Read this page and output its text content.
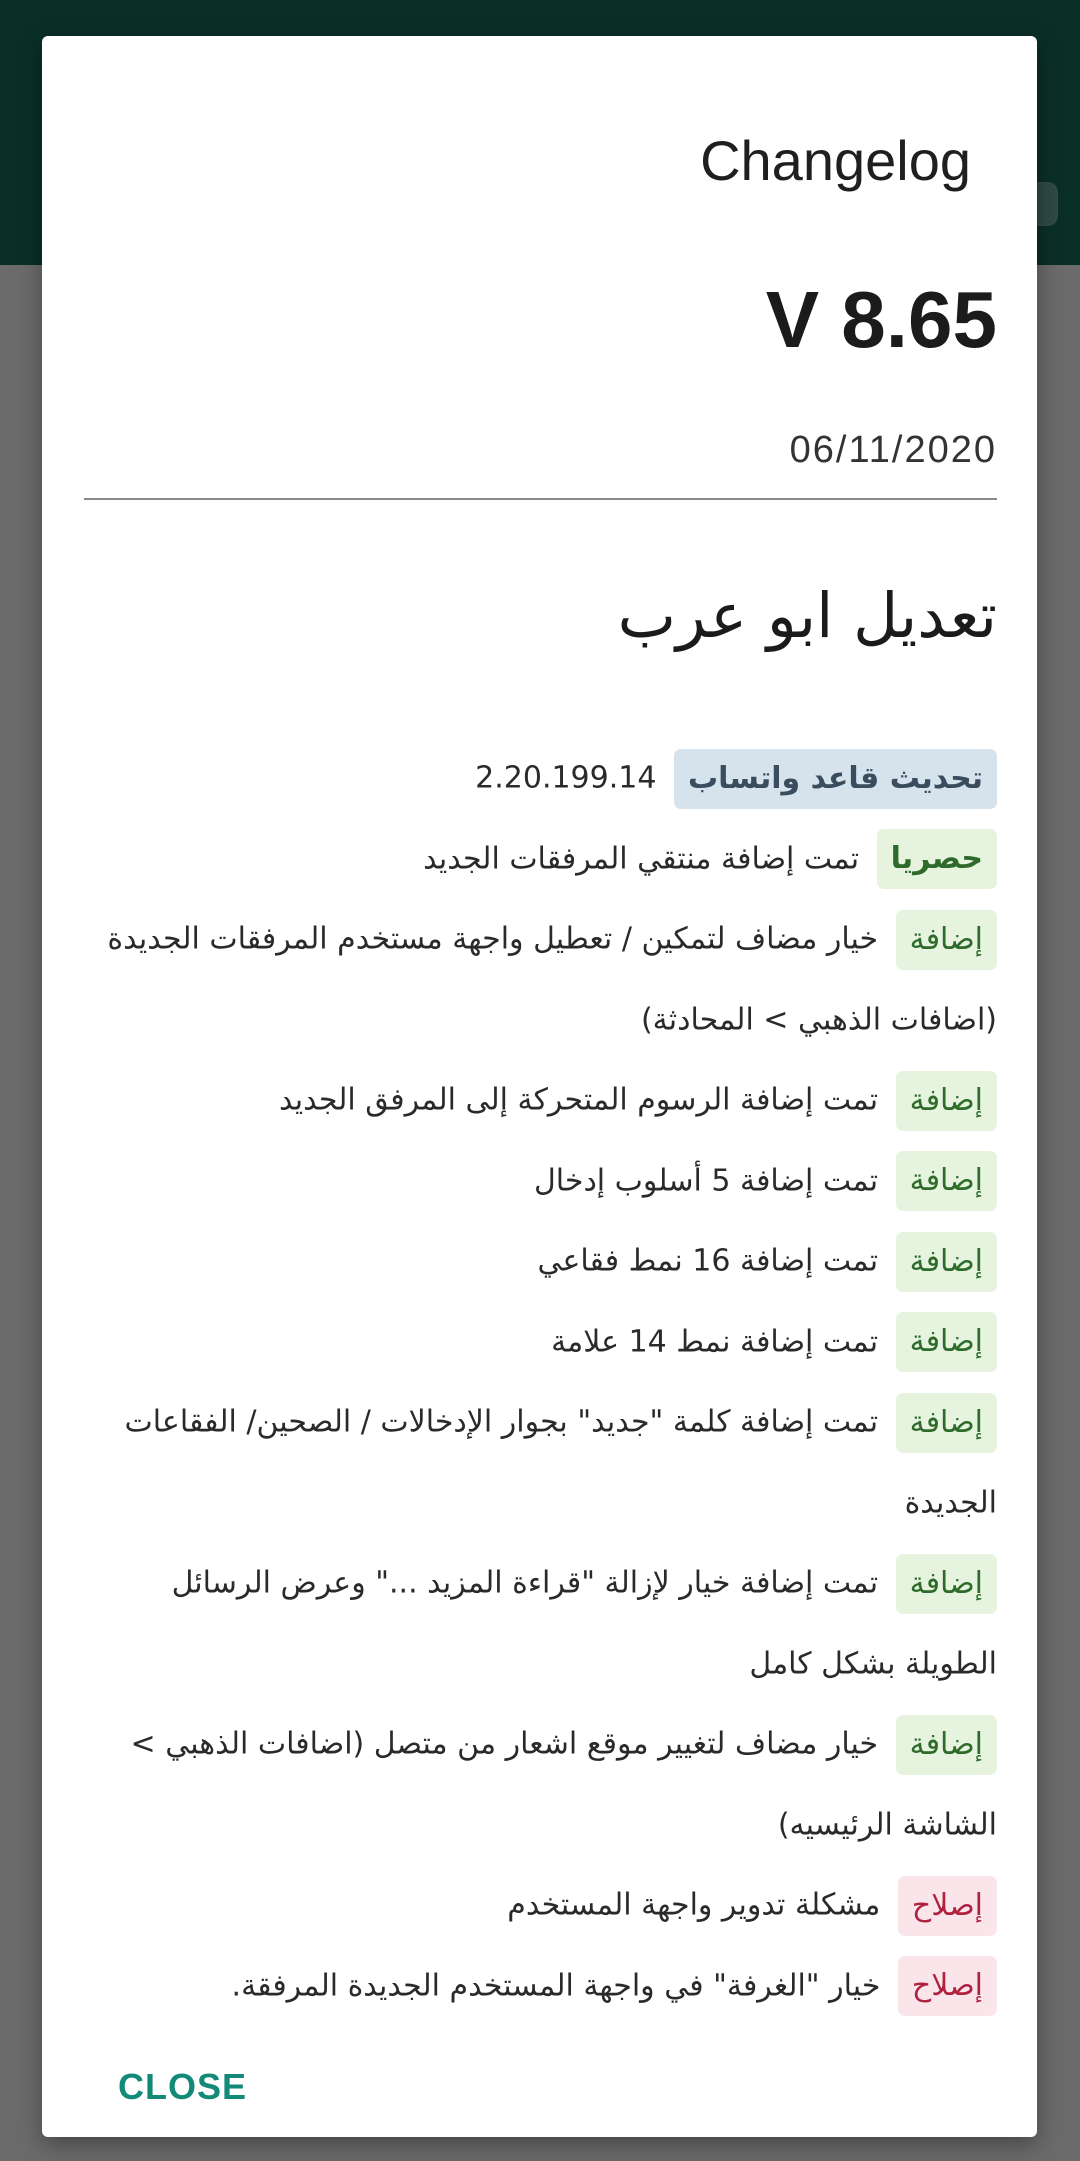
Changelog
V 8.65
06/11/2020
تعديل ابو عرب
تحديث قاعد واتساب 2.20.199.14
حصريا تمت إضافة منتقي المرفقات الجديد
إضافة خيار مضاف لتمكين / تعطيل واجهة مستخدم المرفقات الجديدة (اضافات الذهبي > المحادثة)
إضافة تمت إضافة الرسوم المتحركة إلى المرفق الجديد
إضافة تمت إضافة 5 أسلوب إدخال
إضافة تمت إضافة 16 نمط فقاعي
إضافة تمت إضافة نمط 14 علامة
إضافة تمت إضافة كلمة "جديد" بجوار الإدخالات / الصحين/ الفقاعات الجديدة
إضافة تمت إضافة خيار لإزالة "قراءة المزيد ..." وعرض الرسائل الطويلة بشكل كامل
إضافة خيار مضاف لتغيير موقع اشعار من متصل (اضافات الذهبي > الشاشة الرئيسيه)
إصلاح مشكلة تدوير واجهة المستخدم
إصلاح خيار "الغرفة" في واجهة المستخدم الجديدة المرفقة.
CLOSE
